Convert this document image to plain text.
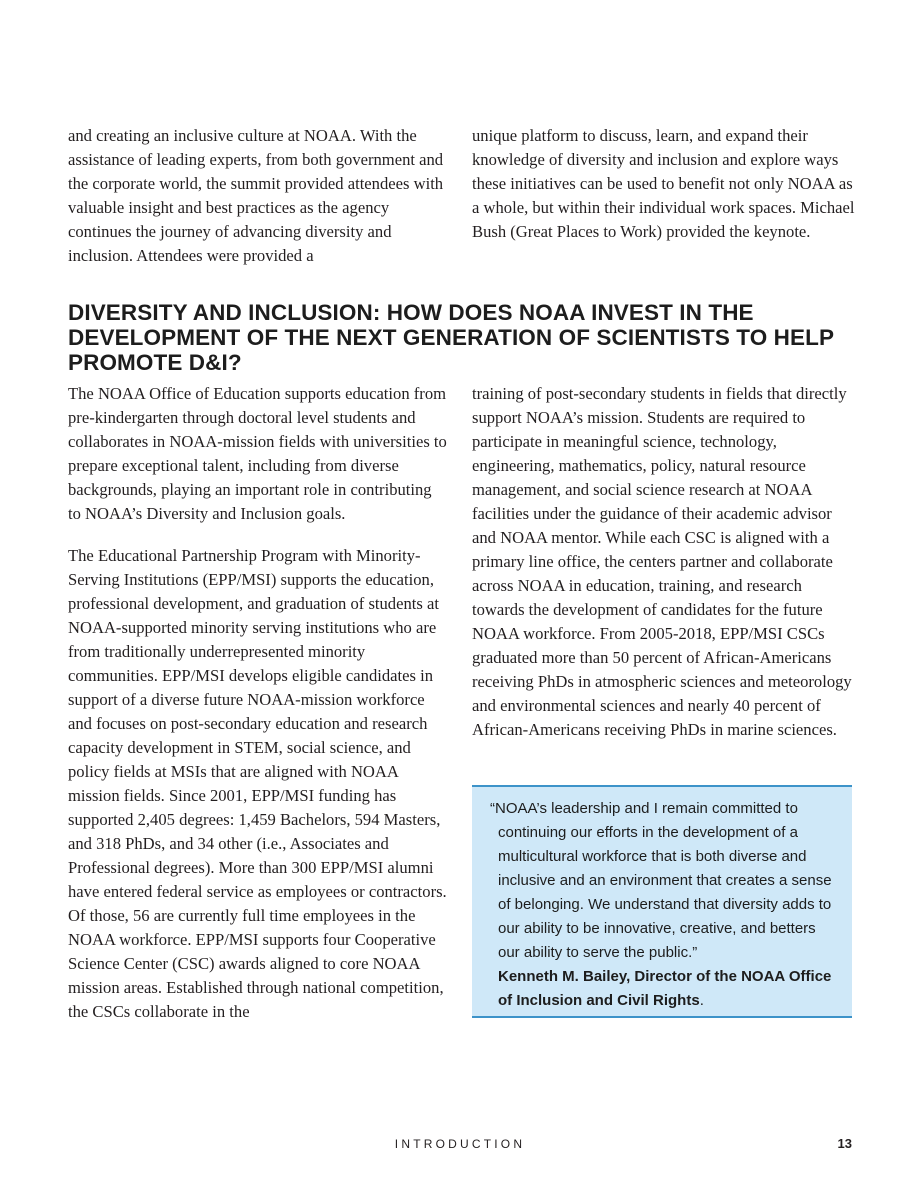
and creating an inclusive culture at NOAA. With the assistance of leading experts, from both government and the corporate world, the summit provided attendees with valuable insight and best practices as the agency continues the journey of advancing diversity and inclusion. Attendees were provided a

unique platform to discuss, learn, and expand their knowledge of diversity and inclusion and explore ways these initiatives can be used to benefit not only NOAA as a whole, but within their individual work spaces. Michael Bush (Great Places to Work) provided the keynote.

DIVERSITY AND INCLUSION: HOW DOES NOAA INVEST IN THE DEVELOPMENT OF THE NEXT GENERATION OF SCIENTISTS TO HELP PROMOTE D&I?

The NOAA Office of Education supports education from pre-kindergarten through doctoral level students and collaborates in NOAA-mission fields with universities to prepare exceptional talent, including from diverse backgrounds, playing an important role in contributing to NOAA’s Diversity and Inclusion goals.

The Educational Partnership Program with Minority-Serving Institutions (EPP/MSI) supports the education, professional development, and graduation of students at NOAA-supported minority serving institutions who are from traditionally underrepresented minority communities. EPP/MSI develops eligible candidates in support of a diverse future NOAA-mission workforce and focuses on post-secondary education and research capacity development in STEM, social science, and policy fields at MSIs that are aligned with NOAA mission fields. Since 2001, EPP/MSI funding has supported 2,405 degrees: 1,459 Bachelors, 594 Masters, and 318 PhDs, and 34 other (i.e., Associates and Professional degrees). More than 300 EPP/MSI alumni have entered federal service as employees or contractors. Of those, 56 are currently full time employees in the NOAA workforce. EPP/MSI supports four Cooperative Science Center (CSC) awards aligned to core NOAA mission areas. Established through national competition, the CSCs collaborate in the

training of post-secondary students in fields that directly support NOAA’s mission. Students are required to participate in meaningful science, technology, engineering, mathematics, policy, natural resource management, and social science research at NOAA facilities under the guidance of their academic advisor and NOAA mentor. While each CSC is aligned with a primary line office, the centers partner and collaborate across NOAA in education, training, and research towards the development of candidates for the future NOAA workforce. From 2005-2018, EPP/MSI CSCs graduated more than 50 percent of African-Americans receiving PhDs in atmospheric sciences and meteorology and environmental sciences and nearly 40 percent of African-Americans receiving PhDs in marine sciences.

“NOAA’s leadership and I remain committed to continuing our efforts in the development of a multicultural workforce that is both diverse and inclusive and an environment that creates a sense of belonging. We understand that diversity adds to our ability to be innovative, creative, and betters our ability to serve the public.”

Kenneth M. Bailey, Director of the NOAA Office of Inclusion and Civil Rights.

INTRODUCTION	13
